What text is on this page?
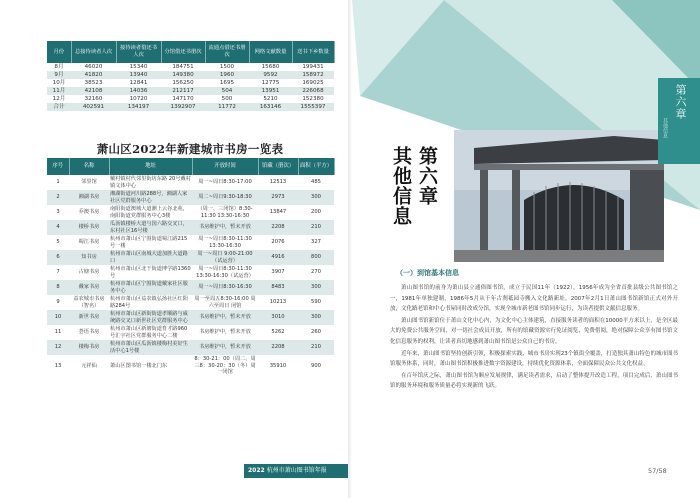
月份	总接待读者人次	接待读者借还书人次	分馆借还书册次	流通点借还书册次	网络文献数量	送书下乡数量
8月	46020	15340	184751	1500	15680	199431
9月	41820	13940	149380	1960	9592	158972
10月	38523	12841	156250	1695	12775	169025
11月	42108	14036	212117	504	13951	226068
12月	32160	10720	147170	500	5210	152380
合计	402591	134197	1392907	11772	163146	1555397
萧山区2022年新建城市书房一览表
序号	名称	地址	开放时间	馆藏（册次）	面积（平方）
1	邻里馆	戴村镇村代邻里街坊东路 20号戴村镇文体中心	周一~周日8:30-17:00	12513	485
2	湘湖书房	湘湖街道河川路288号，湘湖人家社区党群服务中心	周二~周日9:30-18:30	2973	300
3	乔澳书房	南阳街道澳城大道潮上云谷北苑，南阳街道党群服务中心3楼	（周一、三闭馆）8:30-11:30 13:30-16:30	13847	200
4	楼桥书房	瓜沥镇楼桥大道与国六路交叉口，东村社区16号楼	书房维护中，暂未开放	2208	210
5	蜀江书房	杭州市萧山区宁围街道蜀江路215号一楼	周一~周日8:30-11:30 13:30-16:30	2076	327
6	知书房	杭州市萧山区南城大道加胜大道路口	周一~周日 9:00-21:00（试运营）	4916	800
7	古塘书房	杭州市萧山区北干街道博学路1360号	周一~周日8:30-11:30 13:30-16:30（试运营）	3907	270
8	戴家书房	杭州市萧山区宁围街道戴家社区服务中心	周一~周日8:30-16:30	8483	300
9	益农城市书房（智名）	杭州市萧山区益农镇弘扬社区红阳路284号	周一至周五8:30-16:00 周六至周日 闭馆	10213	590
10	新世书房	杭州市萧山区新街街道孝顺路与威统路交叉口新世社区党群服务中心	书房维护中，暂未开放	3010	300
11	荟语书房	杭州市萧山区新塘街道育才路960号汇宇社区党群服务中心二楼	书房维护中，暂未开放	5262	260
12	楼梅书房	杭州市萧山区瓜沥镇楼梅村美好生活中心1号楼	书房维护中，暂未开放	2208	210
13	元祥仙	萧山区图书馆一楼北门东	8：30-21：00（周二、周三8：30-20：30（冬）周一闭馆	35910	900
2022 杭州市萧山图书馆年报
第六章
其他信息
第六章
其他信息
（一）到馆基本信息

萧山图书馆的前身为萧山县立通俗图书馆，成立于民国11年（1922）。1956年成为全省首批县级公共图书馆之一，1981年单独建制，1986年5月从千年古刹祗园寺搬入文化路新址。2007年2月1日萧山图书馆新馆正式对外开放，文化路老馆和中心书屋同时改成分馆，实现全城市新老图书馆同步运行，为读者提供文献信息服务。

萧山图书馆新馆位于萧山文化中心内，为文化中心主体建筑，直接服务读者的面积在10000平方米以上，是全区最大的免费公共服务空间，对一切社会成员开放，所有的馆藏资源实行免证阅览、免费借阅，绝对保障公众享有图书馆文化信息服务的权利，让读者真切地感到萧山图书馆是公众自己的书房。

近年来，萧山图书馆坚持创新引领，积极探索实践，城市书房实现23个镇街全覆盖，打造独具萧山特色的城市图书馆服务体系，同时，萧山图书馆积极推进数字资源建设，持续优化资源体系，全面保障民众公共文化权益。

在百年馆庆之际，萧山图书馆为顺应发展规律，满足读者需求，启动了整体提升改造工程，项目完成后，萧山图书馆的服务环境和服务质量必将实现新的飞跃。

57/58
